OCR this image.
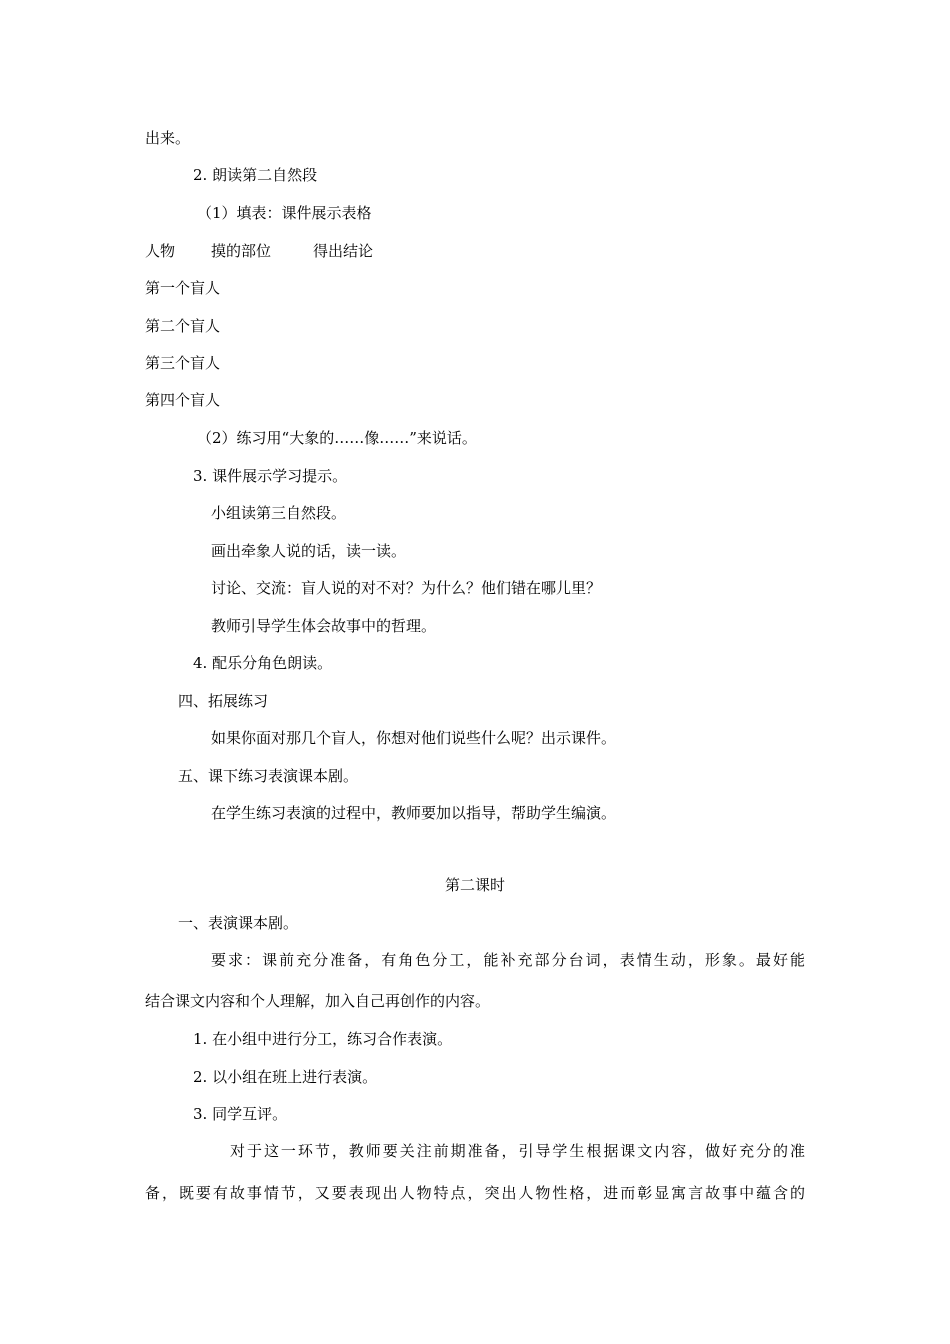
出来。
2. 朗读第二自然段
（1）填表：课件展示表格
人物 摸的部位	得出结论
第一个盲人
第二个盲人
第三个盲人
第四个盲人
（2）练习用“大象的……像……”来说话。
3. 课件展示学习提示。
小组读第三自然段。
画出牵象人说的话，读一读。
讨论、交流：盲人说的对不对？为什么？他们错在哪儿里？
教师引导学生体会故事中的哲理。
4. 配乐分角色朗读。
四、拓展练习
如果你面对那几个盲人，你想对他们说些什么呢？出示课件。
五、课下练习表演课本剧。
在学生练习表演的过程中，教师要加以指导，帮助学生编演。
第二课时
一、表演课本剧。
要求：课前充分准备，有角色分工，能补充部分台词，表情生动，形象。最好能
结合课文内容和个人理解，加入自己再创作的内容。
1. 在小组中进行分工，练习合作表演。
2. 以小组在班上进行表演。
3. 同学互评。
对于这一环节，教师要关注前期准备，引导学生根据课文内容，做好充分的准
备，既要有故事情节，又要表现出人物特点，突出人物性格，进而彰显寓言故事中蕴含的
